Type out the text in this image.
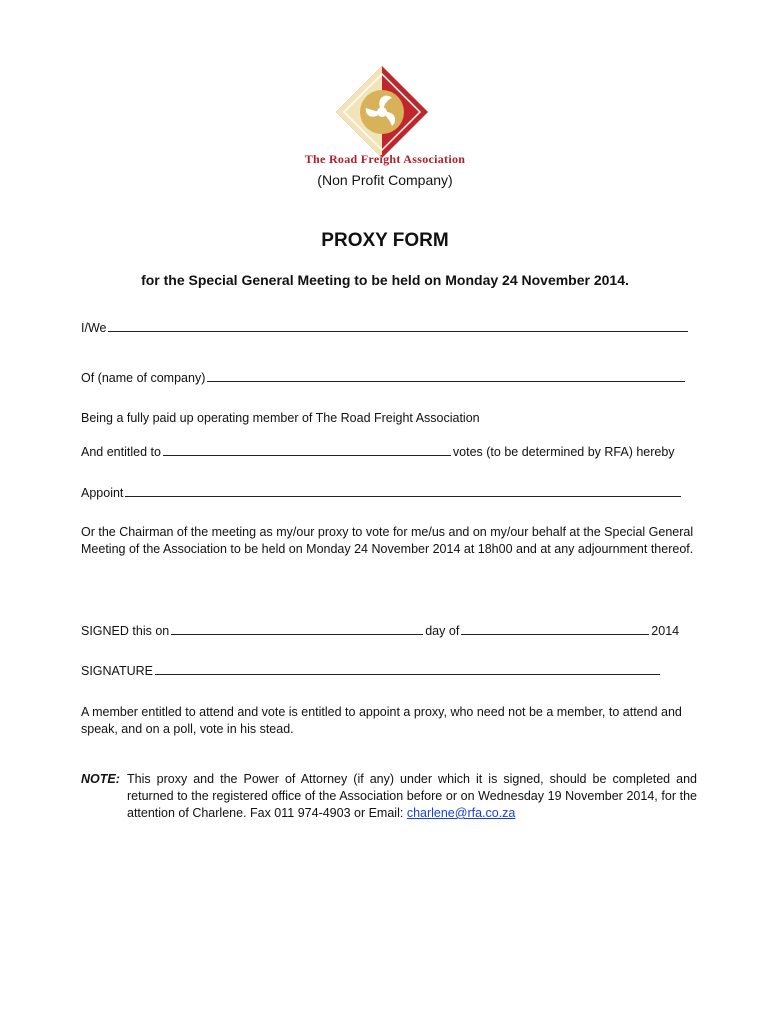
The Road Freight Association
(Non Profit Company)
PROXY FORM
for the Special General Meeting to be held on Monday 24 November 2014.
I/We
Of (name of company)
Being a fully paid up operating member of The Road Freight Association
And entitled to	votes (to be determined by RFA) hereby
Appoint
Or the Chairman of the meeting as my/our proxy to vote for me/us and on my/our behalf at the Special General Meeting of the Association to be held on Monday 24 November 2014 at 18h00 and at any adjournment thereof.
SIGNED this on	day of	2014
SIGNATURE
A member entitled to attend and vote is entitled to appoint a proxy, who need not be a member, to attend and speak, and on a poll, vote in his stead.
NOTE: This proxy and the Power of Attorney (if any) under which it is signed, should be completed and returned to the registered office of the Association before or on Wednesday 19 November 2014, for the attention of Charlene. Fax 011 974-4903 or Email: charlene@rfa.co.za
